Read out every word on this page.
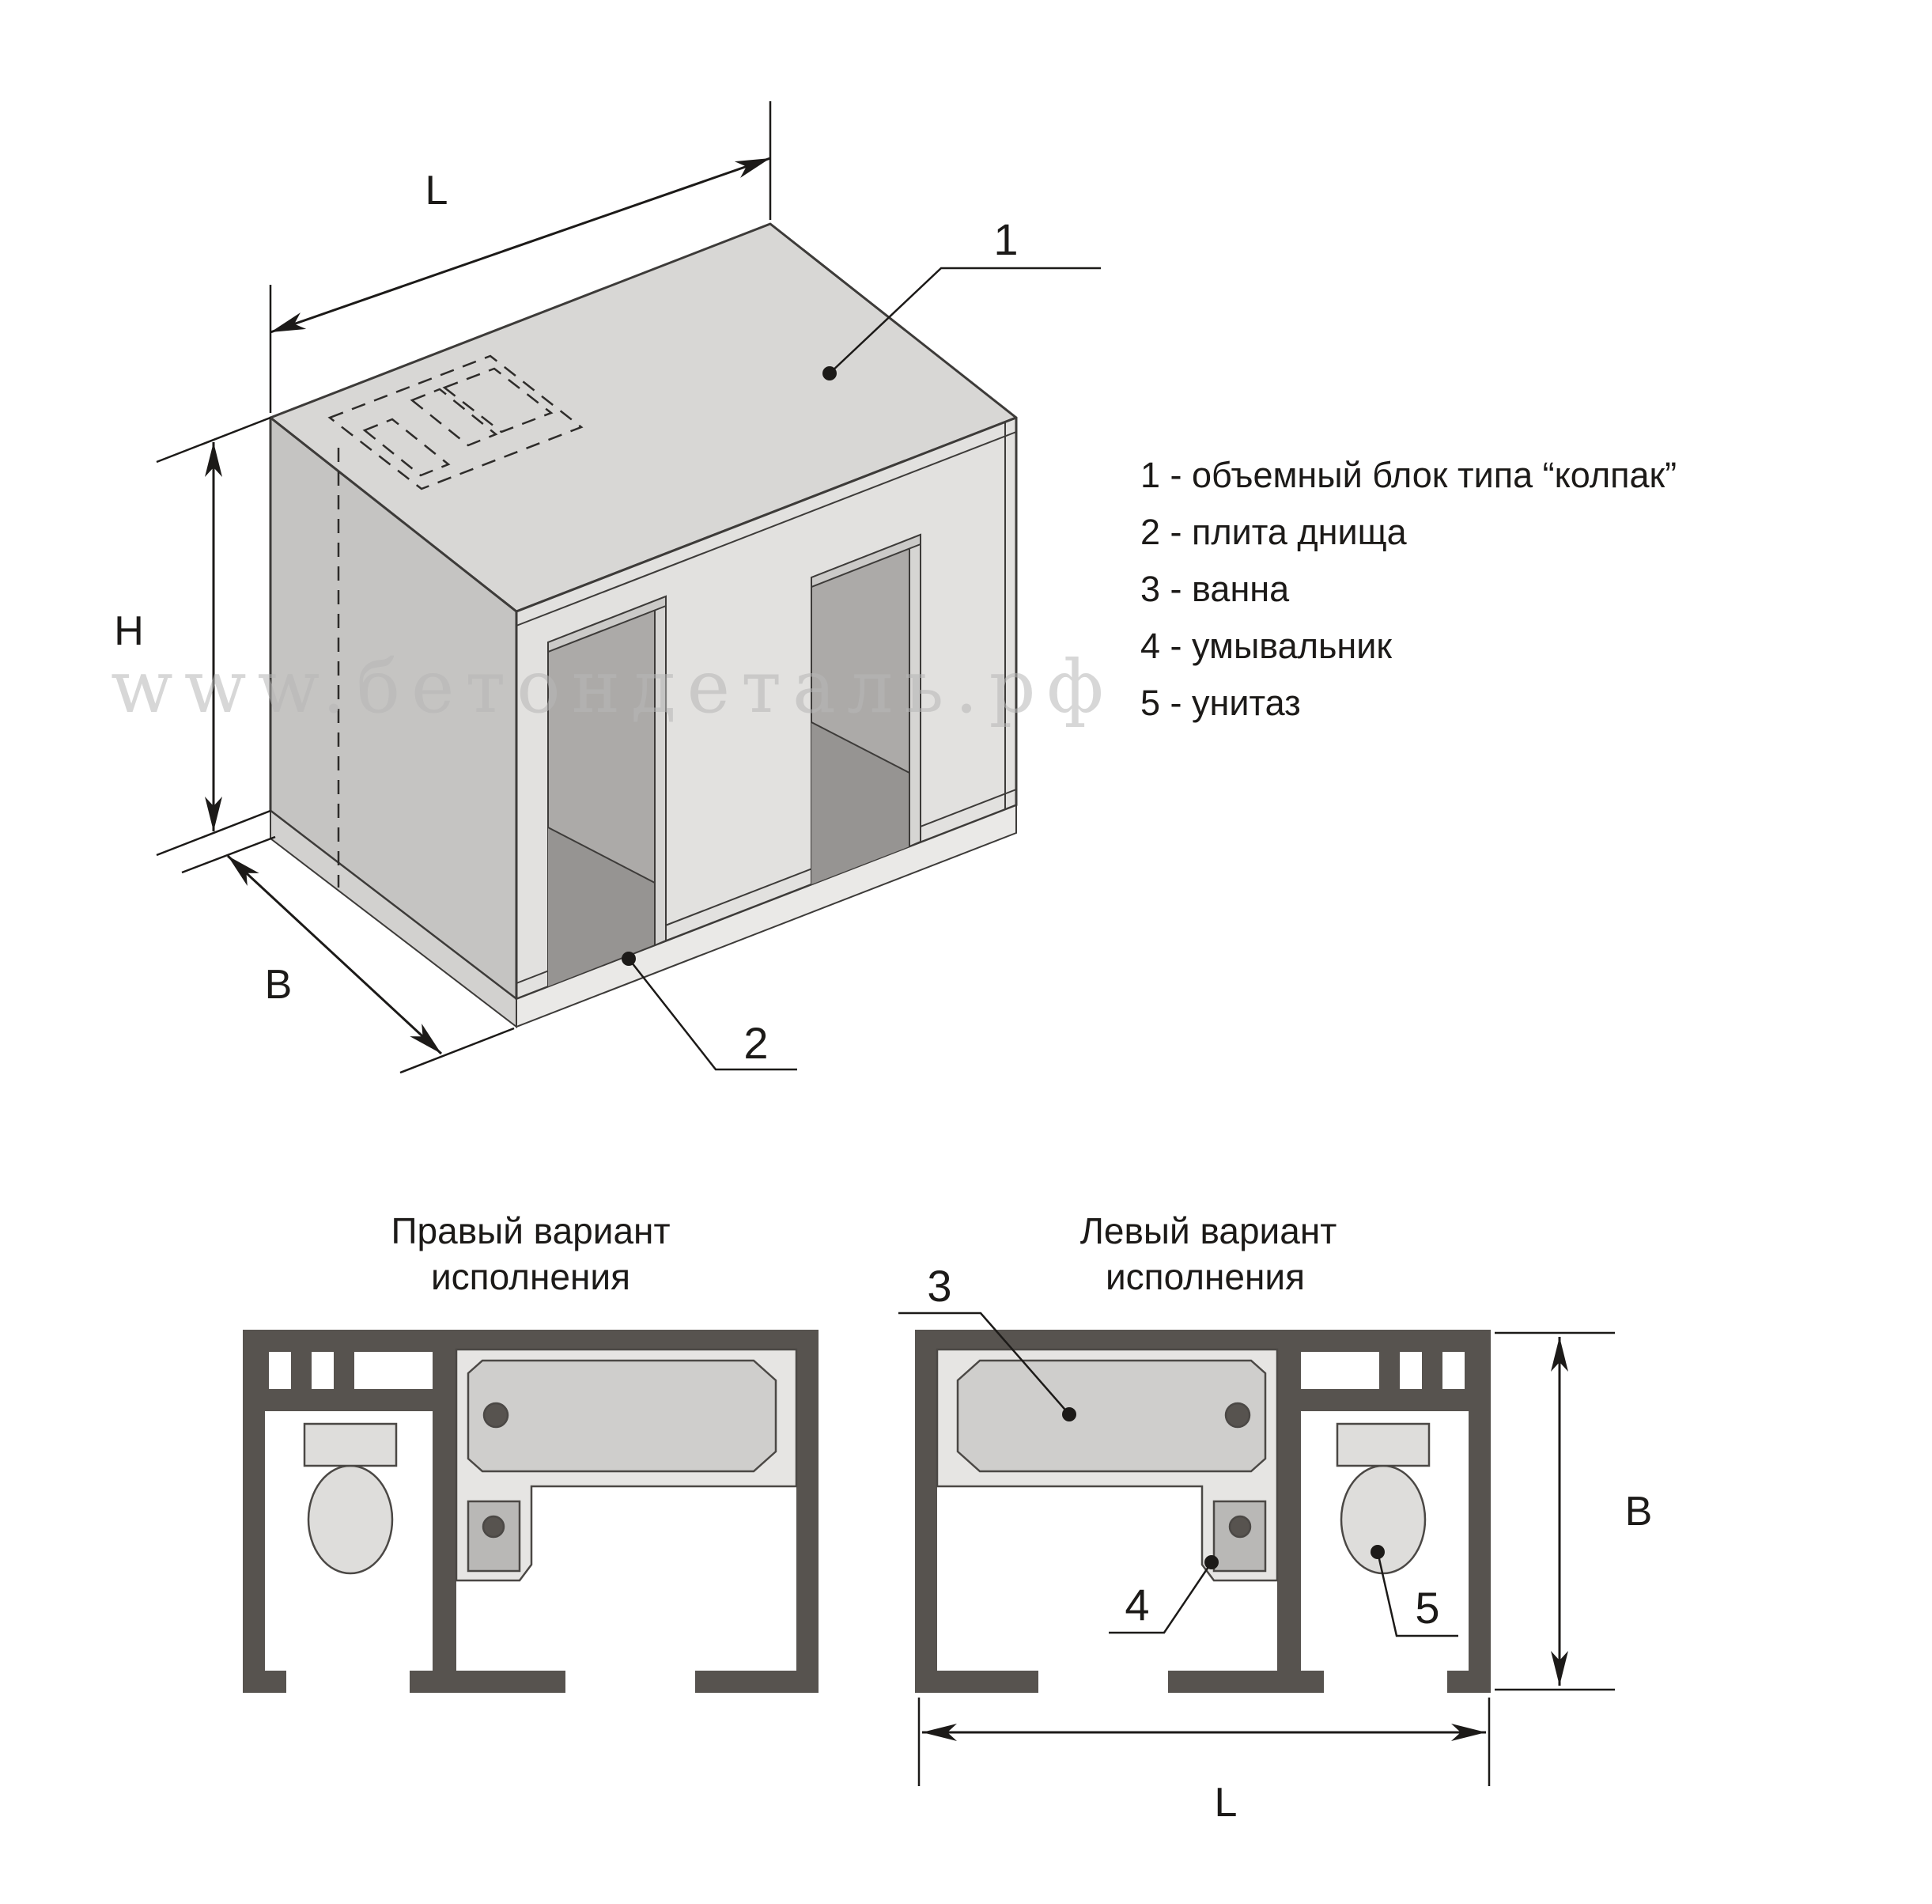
L
H
B
1
2
www.бетондеталь.рф
1 - объемный блок типа “колпак”
2 - плита днища
3 - ванна
4 - умывальник
5 - унитаз
Правый вариант
исполнения
Левый вариант
исполнения
3
4	5
B
L
